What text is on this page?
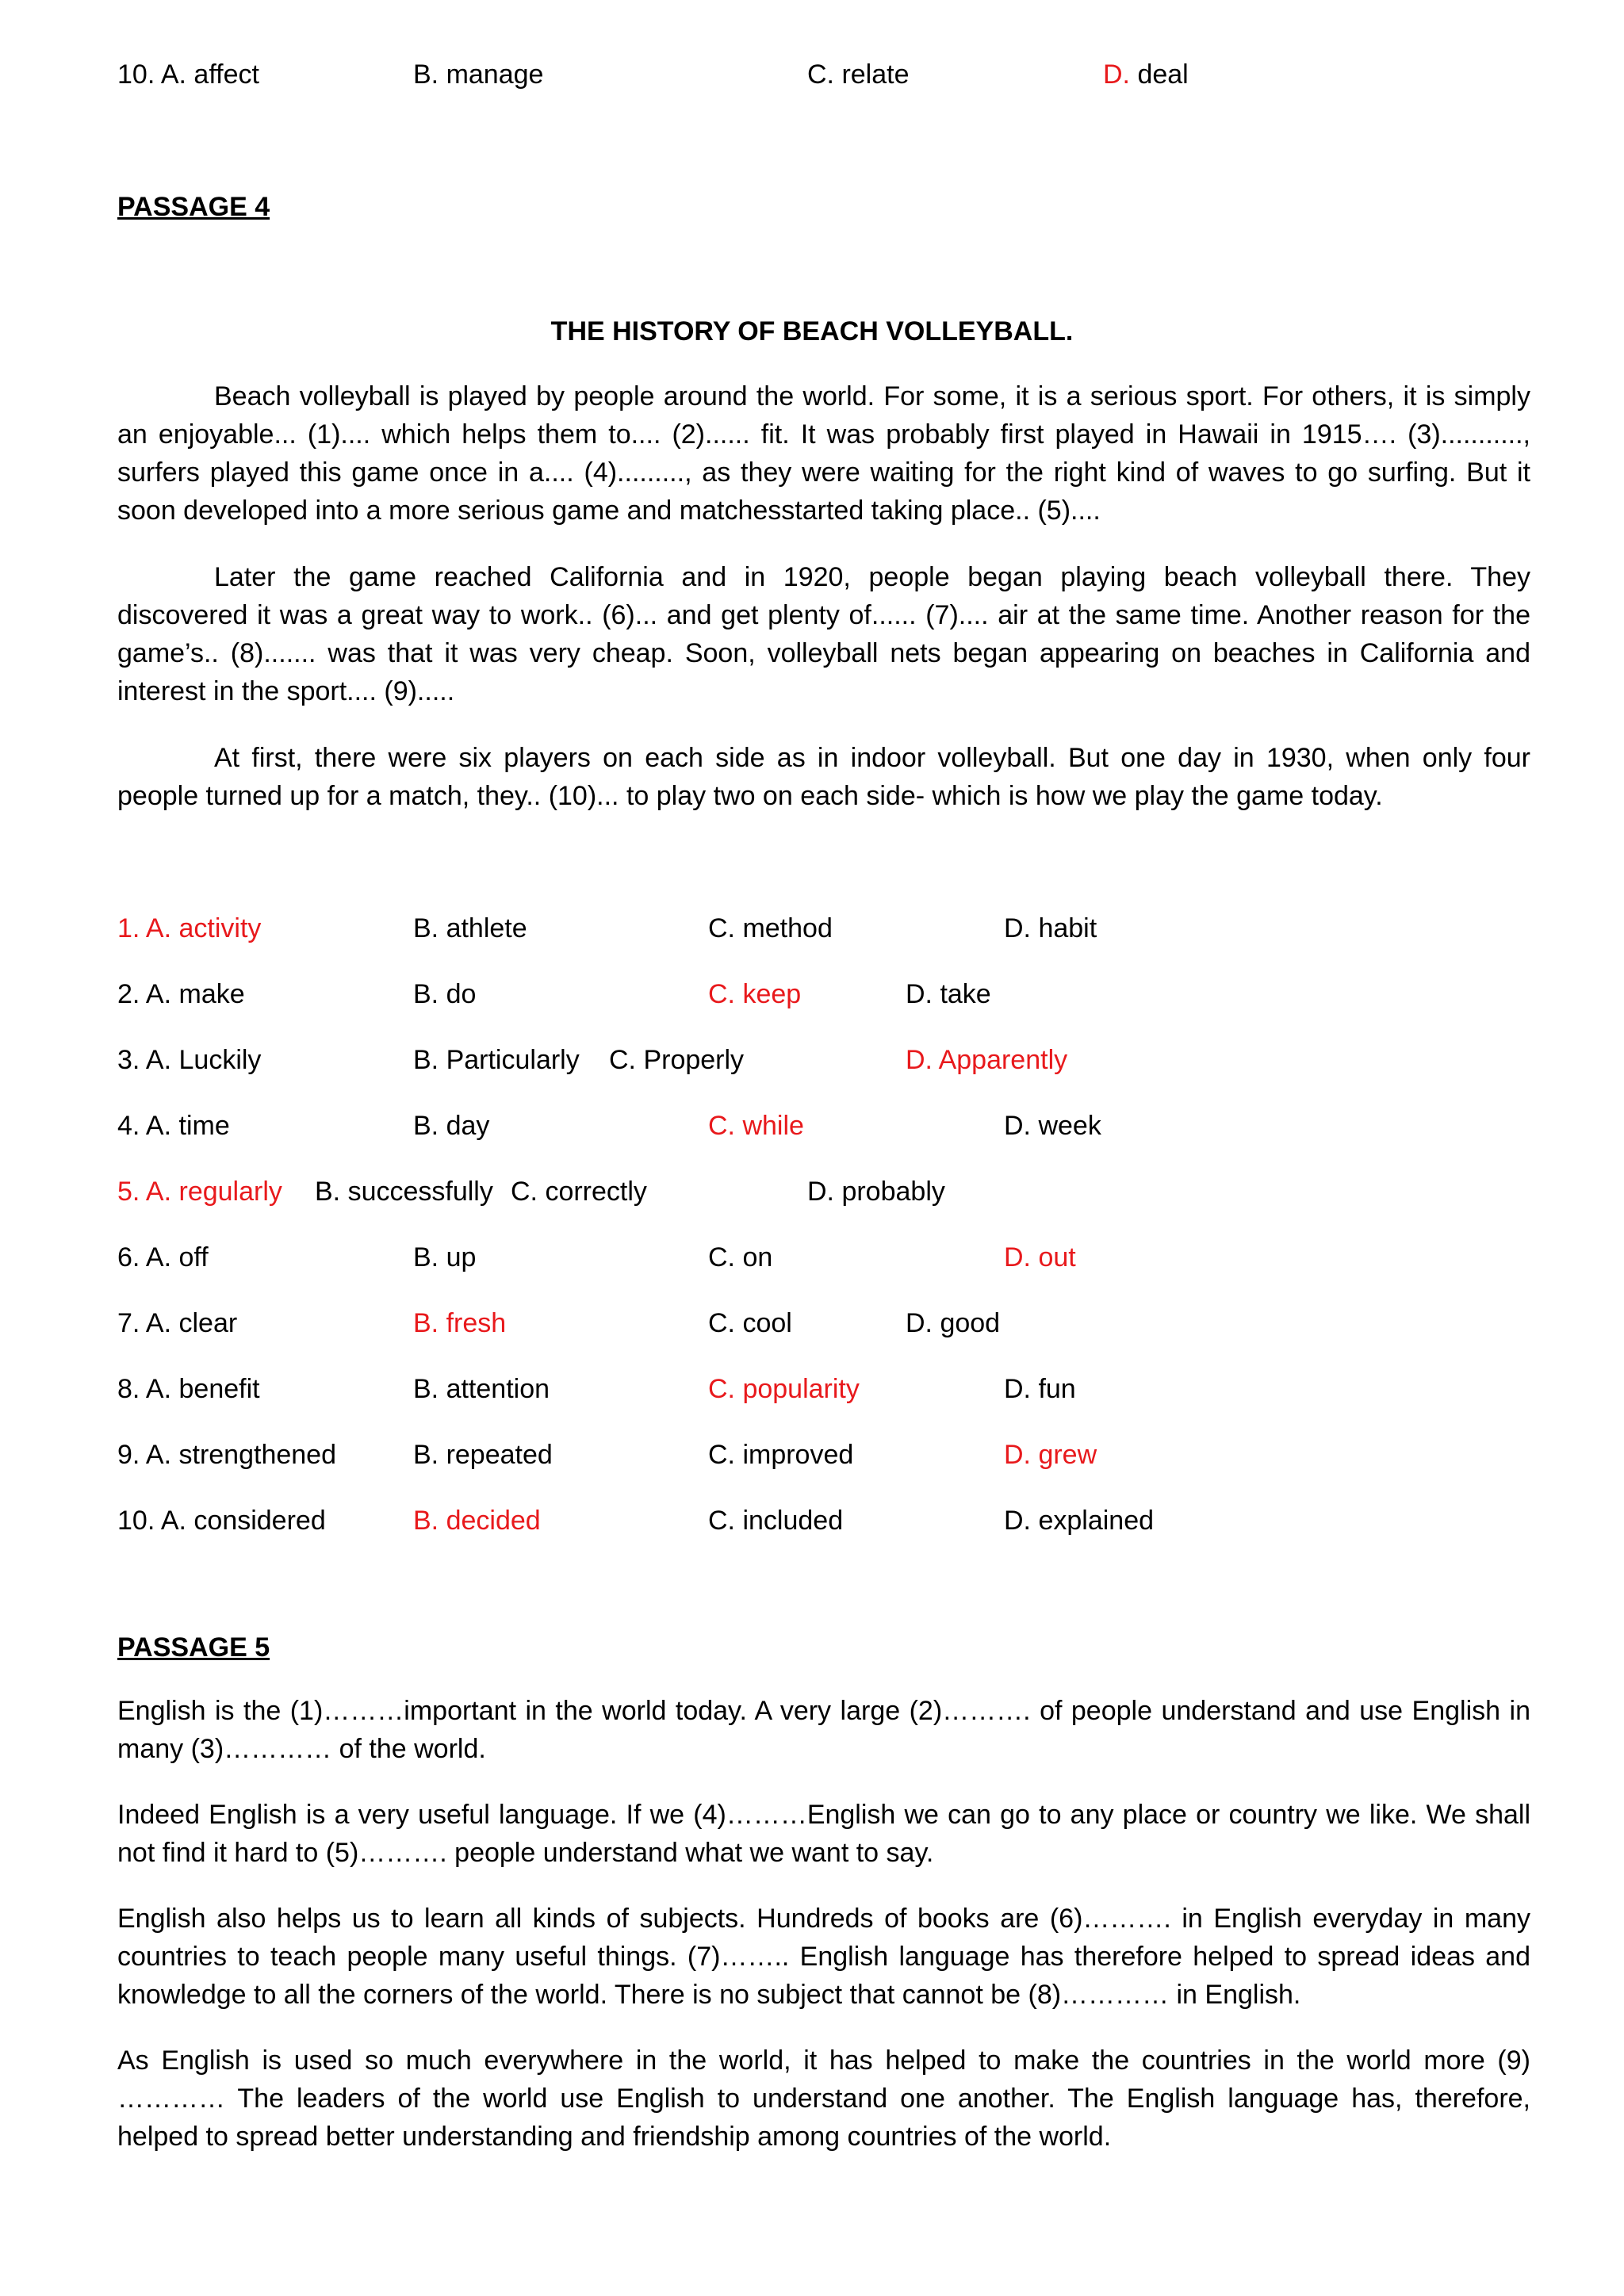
10. A. affect	B. manage	C. relate	D. deal
PASSAGE 4
THE HISTORY OF BEACH VOLLEYBALL.
Beach volleyball is played by people around the world. For some, it is a serious sport. For others, it is simply
an enjoyable... (1).... which helps them to.... (2)...... fit. It was probably first played in Hawaii in 1915…. (3)...........,
surfers played this game once in a.... (4)........., as they were waiting for the right kind of waves to go surfing. But it
soon developed into a more serious game and matchesstarted taking place.. (5)....
Later the game reached California and in 1920, people began playing beach volleyball there. They
discovered it was a great way to work.. (6)... and get plenty of...... (7).... air at the same time. Another reason for the
game’s.. (8)....... was that it was very cheap. Soon, volleyball nets began appearing on beaches in California and
interest in the sport.... (9).....
At first, there were six players on each side as in indoor volleyball. But one day in 1930, when only four
people turned up for a match, they.. (10)... to play two on each side- which is how we play the game today.
1. A. activity	B. athlete	C. method	D. habit
2. A. make	B. do	C. keep	D. take
3. A. Luckily	B. Particularly C. Properly	D. Apparently
4. A. time	B. day	C. while	D. week
5. A. regularly B. successfully C. correctly	D. probably
6. A. off	B. up	C. on	D. out
7. A. clear	B. fresh	C. cool	D. good
8. A. benefit	B. attention	C. popularity	D. fun
9. A. strengthened	B. repeated	C. improved	D. grew
10. A. considered	B. decided	C. included	D. explained
PASSAGE 5
English is the (1)………important in the world today. A very large (2)………. of people understand and use English in
many (3)………… of the world.
Indeed English is a very useful language. If we (4)………English we can go to any place or country we like. We shall
not find it hard to (5)………. people understand what we want to say.
English also helps us to learn all kinds of subjects. Hundreds of books are (6)………. in English everyday in many
countries to teach people many useful things. (7)…….. English language has therefore helped to spread ideas and
knowledge to all the corners of the world. There is no subject that cannot be (8)………… in English.
As English is used so much everywhere in the world, it has helped to make the countries in the world more (9)
………… The leaders of the world use English to understand one another. The English language has, therefore,
helped to spread better understanding and friendship among countries of the world.
